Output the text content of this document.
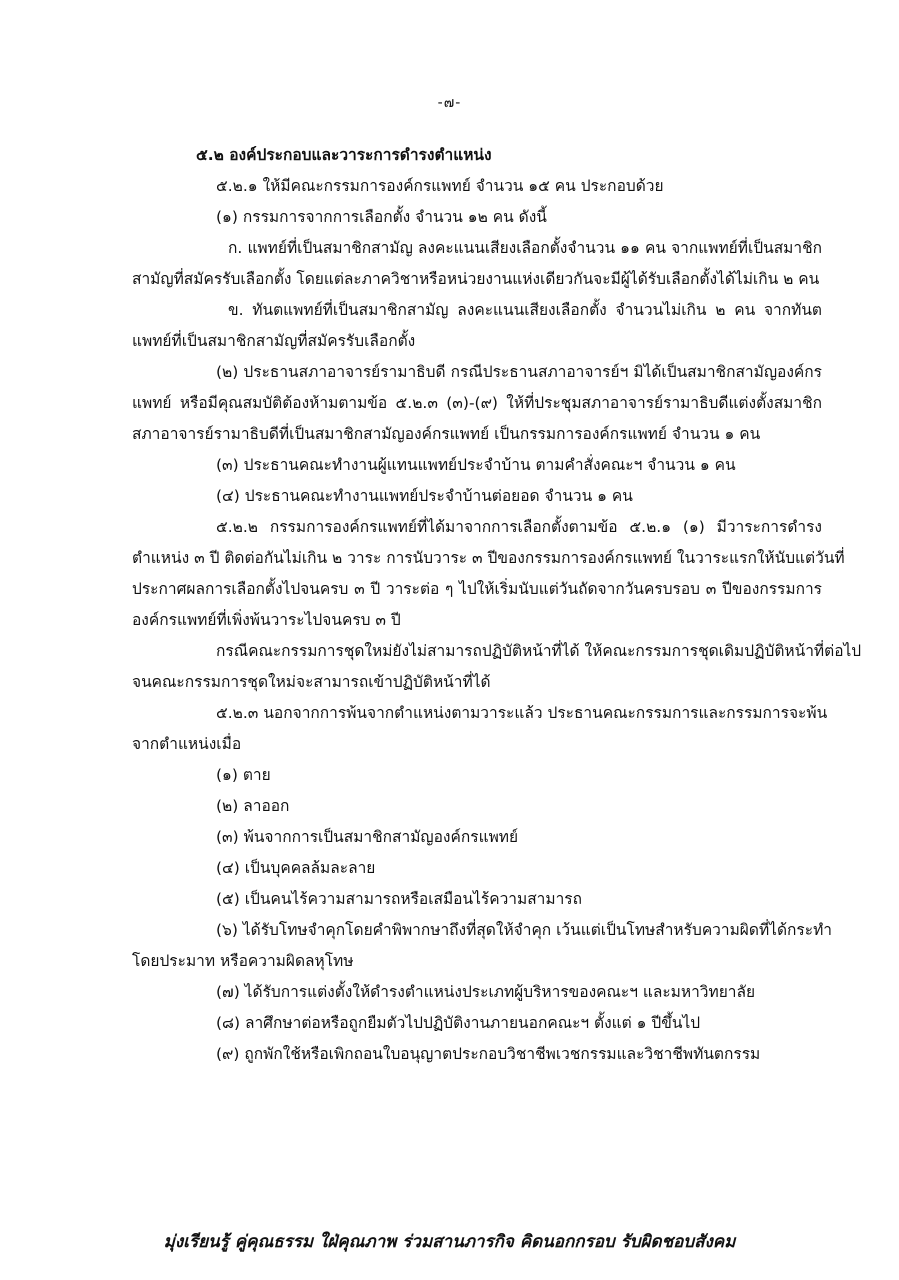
-๗-
๕.๒ องค์ประกอบและวาระการดำรงตำแหน่ง
๕.๒.๑ ให้มีคณะกรรมการองค์กรแพทย์ จำนวน ๑๕ คน ประกอบด้วย
(๑) กรรมการจากการเลือกตั้ง จำนวน ๑๒ คน ดังนี้
ก. แพทย์ที่เป็นสมาชิกสามัญ ลงคะแนนเสียงเลือกตั้งจำนวน ๑๑ คน จากแพทย์ที่เป็นสมาชิก
สามัญที่สมัครรับเลือกตั้ง โดยแต่ละภาควิชาหรือหน่วยงานแห่งเดียวกันจะมีผู้ได้รับเลือกตั้งได้ไม่เกิน ๒ คน
ข. ทันตแพทย์ที่เป็นสมาชิกสามัญ ลงคะแนนเสียงเลือกตั้ง จำนวนไม่เกิน ๒ คน จากทันต
แพทย์ที่เป็นสมาชิกสามัญที่สมัครรับเลือกตั้ง
(๒) ประธานสภาอาจารย์รามาธิบดี กรณีประธานสภาอาจารย์ฯ มิได้เป็นสมาชิกสามัญองค์กร
แพทย์ หรือมีคุณสมบัติต้องห้ามตามข้อ ๕.๒.๓ (๓)-(๙) ให้ที่ประชุมสภาอาจารย์รามาธิบดีแต่งตั้งสมาชิก
สภาอาจารย์รามาธิบดีที่เป็นสมาชิกสามัญองค์กรแพทย์ เป็นกรรมการองค์กรแพทย์ จำนวน ๑ คน
(๓) ประธานคณะทำงานผู้แทนแพทย์ประจำบ้าน ตามคำสั่งคณะฯ จำนวน ๑ คน
(๔) ประธานคณะทำงานแพทย์ประจำบ้านต่อยอด จำนวน ๑ คน
๕.๒.๒ กรรมการองค์กรแพทย์ที่ได้มาจากการเลือกตั้งตามข้อ ๕.๒.๑ (๑) มีวาระการดำรง
ตำแหน่ง ๓ ปี ติดต่อกันไม่เกิน ๒ วาระ การนับวาระ ๓ ปีของกรรมการองค์กรแพทย์ ในวาระแรกให้นับแต่วันที่
ประกาศผลการเลือกตั้งไปจนครบ ๓ ปี วาระต่อ ๆ ไปให้เริ่มนับแต่วันถัดจากวันครบรอบ ๓ ปีของกรรมการ
องค์กรแพทย์ที่เพิ่งพ้นวาระไปจนครบ ๓ ปี
กรณีคณะกรรมการชุดใหม่ยังไม่สามารถปฏิบัติหน้าที่ได้ ให้คณะกรรมการชุดเดิมปฏิบัติหน้าที่ต่อไป
จนคณะกรรมการชุดใหม่จะสามารถเข้าปฏิบัติหน้าที่ได้
๕.๒.๓ นอกจากการพ้นจากตำแหน่งตามวาระแล้ว ประธานคณะกรรมการและกรรมการจะพ้น
จากตำแหน่งเมื่อ
(๑) ตาย
(๒) ลาออก
(๓) พ้นจากการเป็นสมาชิกสามัญองค์กรแพทย์
(๔) เป็นบุคคลล้มละลาย
(๕) เป็นคนไร้ความสามารถหรือเสมือนไร้ความสามารถ
(๖) ได้รับโทษจำคุกโดยคำพิพากษาถึงที่สุดให้จำคุก เว้นแต่เป็นโทษสำหรับความผิดที่ได้กระทำ
โดยประมาท หรือความผิดลหุโทษ
(๗) ได้รับการแต่งตั้งให้ดำรงตำแหน่งประเภทผู้บริหารของคณะฯ และมหาวิทยาลัย
(๘) ลาศึกษาต่อหรือถูกยืมตัวไปปฏิบัติงานภายนอกคณะฯ ตั้งแต่ ๑ ปีขึ้นไป
(๙) ถูกพักใช้หรือเพิกถอนใบอนุญาตประกอบวิชาชีพเวชกรรมและวิชาชีพทันตกรรม
มุ่งเรียนรู้ คู่คุณธรรม ใฝ่คุณภาพ ร่วมสานภารกิจ คิดนอกกรอบ รับผิดชอบสังคม
